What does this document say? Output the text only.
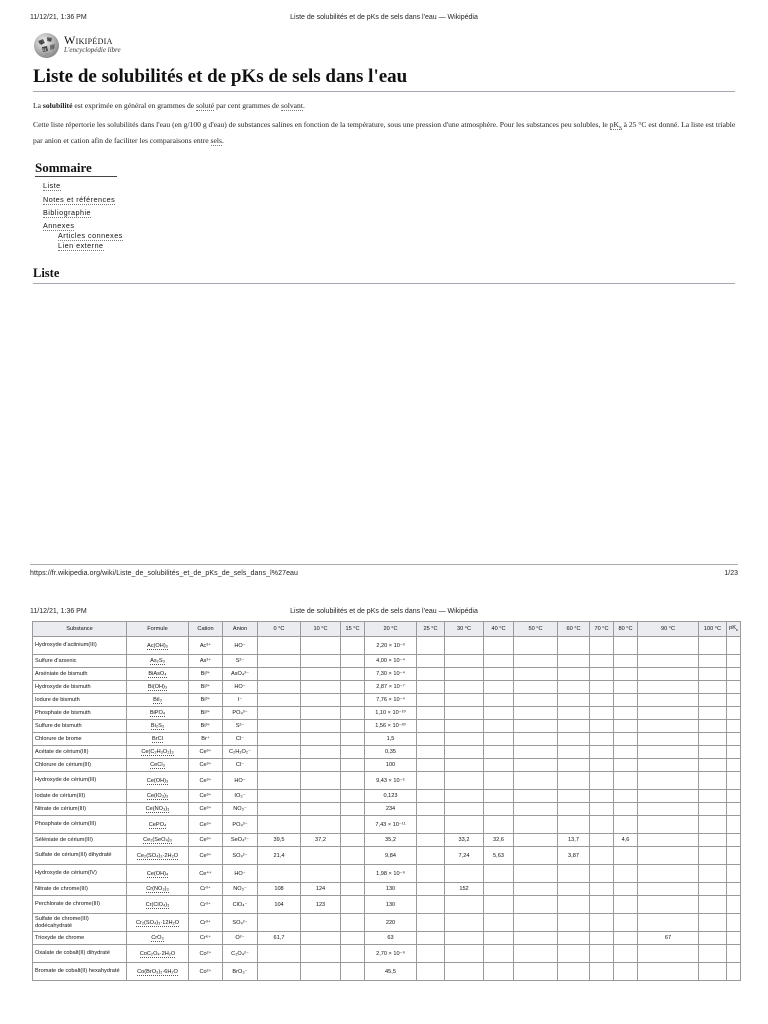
11/12/21, 1:36 PM	Liste de solubilités et de pKs de sels dans l'eau — Wikipédia
Ω
W
И ウ
Wikipédia
L'encyclopédie libre
Liste de solubilités et de pKs de sels dans l'eau

La solubilité est exprimée en général en grammes de soluté par cent grammes de solvant.

Cette liste répertorie les solubilités dans l'eau (en g/100 g d'eau) de substances salines en fonction de la température, sous une pression d'une atmosphère. Pour les substances peu solubles, le $pK_S$ à 25 °C est donné. La liste est triable par anion et cation afin de faciliter les comparaisons entre sels.

Sommaire
Liste
Notes et références
Bibliographie
Annexes
Articles connexes
Lien externe
Liste
https://fr.wikipedia.org/wiki/Liste_de_solubilités_et_de_pKs_de_sels_dans_l%27eau	1/23
11/12/21, 1:36 PM	Liste de solubilités et de pKs de sels dans l'eau — Wikipédia
Substance	Formule	Cation	Anion	0 °C	10 °C	15 °C	20 °C	25 °C	30 °C	40 °C	50 °C	60 °C	70 °C	80 °C	90 °C	100 °C	$pK_s$
Hydroxyde d'actinium(III)	Ac(OH)₃	Ac³⁺	HO⁻				2,20 × 10⁻³										
Sulfure d'arsenic	As₂S₃	As³⁺	S²⁻				4,00 × 10⁻⁴										
Arséniate de bismuth	BiAsO₄	Bi³⁺	AsO₄³⁻				7,30 × 10⁻⁴										
Hydroxyde de bismuth	Bi(OH)₃	Bi³⁺	HO⁻				2,87 × 10⁻⁷										
Iodure de bismuth	BiI₃	Bi³⁺	I⁻				7,76 × 10⁻⁴										
Phosphate de bismuth	BiPO₄	Bi³⁺	PO₄³⁻				1,10 × 10⁻¹⁰										
Sulfure de bismuth	Bi₂S₃	Bi³⁺	S²⁻				1,56 × 10⁻²⁰										
Chlorure de brome	BrCl	Br⁺	Cl⁻				1,5										
Acétate de cérium(III)	Ce(C₂H₃O₂)₃	Ce³⁺	C₂H₃O₂⁻				0,35										
Chlorure de cérium(III)	CeCl₃	Ce³⁺	Cl⁻				100										
Hydroxyde de cérium(III)	Ce(OH)₃	Ce³⁺	HO⁻				9,43 × 10⁻⁵										
Iodate de cérium(III)	Ce(IO₃)₃	Ce³⁺	IO₃⁻				0,123										
Nitrate de cérium(III)	Ce(NO₃)₃	Ce³⁺	NO₃⁻				234										
Phosphate de cérium(III)	CePO₄	Ce³⁺	PO₄³⁻				7,43 × 10⁻¹¹										
Séléniate de cérium(III)	Ce₂(SeO₄)₃	Ce³⁺	SeO₄²⁻	39,5	37,2		35,2		33,2	32,6		13,7		4,6			
Sulfate de cérium(III) dihydraté	Ce₂(SO₄)₃·2H₂O	Ce³⁺	SO₄²⁻	21,4			9,84		7,24	5,63		3,87					
Hydroxyde de cérium(IV)	Ce(OH)₄	Ce⁴⁺	HO⁻				1,98 × 10⁻⁹										
Nitrate de chrome(III)	Cr(NO₃)₃	Cr³⁺	NO₃⁻	108	124		130		152								
Perchlorate de chrome(III)	Cr(ClO₄)₃	Cr³⁺	ClO₄⁻	104	123		130										
Sulfate de chrome(III) dodécahydraté	Cr₂(SO₄)₃·12H₂O	Cr³⁺	SO₄²⁻				220										
Trioxyde de chrome	CrO₃	Cr⁶⁺	O²⁻	61,7			63								67		
Oxalate de cobalt(II) dihydraté	CoC₂O₄·2H₂O	Co²⁺	C₂O₄²⁻				2,70 × 10⁻⁹										
Bromate de cobalt(II) hexahydraté	Co(BrO₃)₂·6H₂O	Co²⁺	BrO₃⁻				45,5										
